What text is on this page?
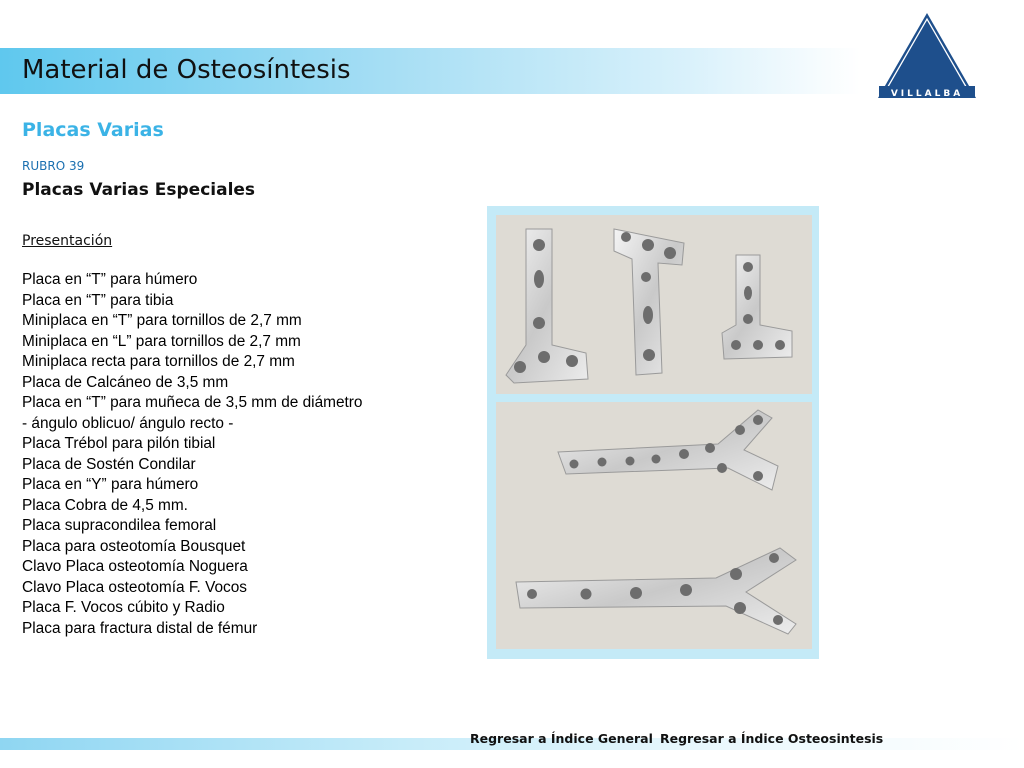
Material de Osteosíntesis
VILLALBA
Placas Varias
RUBRO 39
Placas Varias Especiales
Presentación
Placa en “T” para húmero
Placa en “T” para tibia
Miniplaca en “T” para tornillos de 2,7 mm
Miniplaca en “L” para tornillos de 2,7 mm
Miniplaca recta para tornillos de 2,7 mm
Placa de Calcáneo de 3,5 mm
Placa en “T” para muñeca de 3,5 mm de diámetro
- ángulo oblicuo/ ángulo recto -
Placa Trébol para pilón tibial
Placa de Sostén Condilar
Placa en “Y” para húmero
Placa Cobra de 4,5 mm.
Placa supracondilea femoral
Placa para osteotomía Bousquet
Clavo Placa osteotomía Noguera
Clavo Placa osteotomía F. Vocos
Placa F. Vocos cúbito y Radio
Placa para fractura distal de fémur
Regresar a Índice General Regresar a Índice Osteosintesis
